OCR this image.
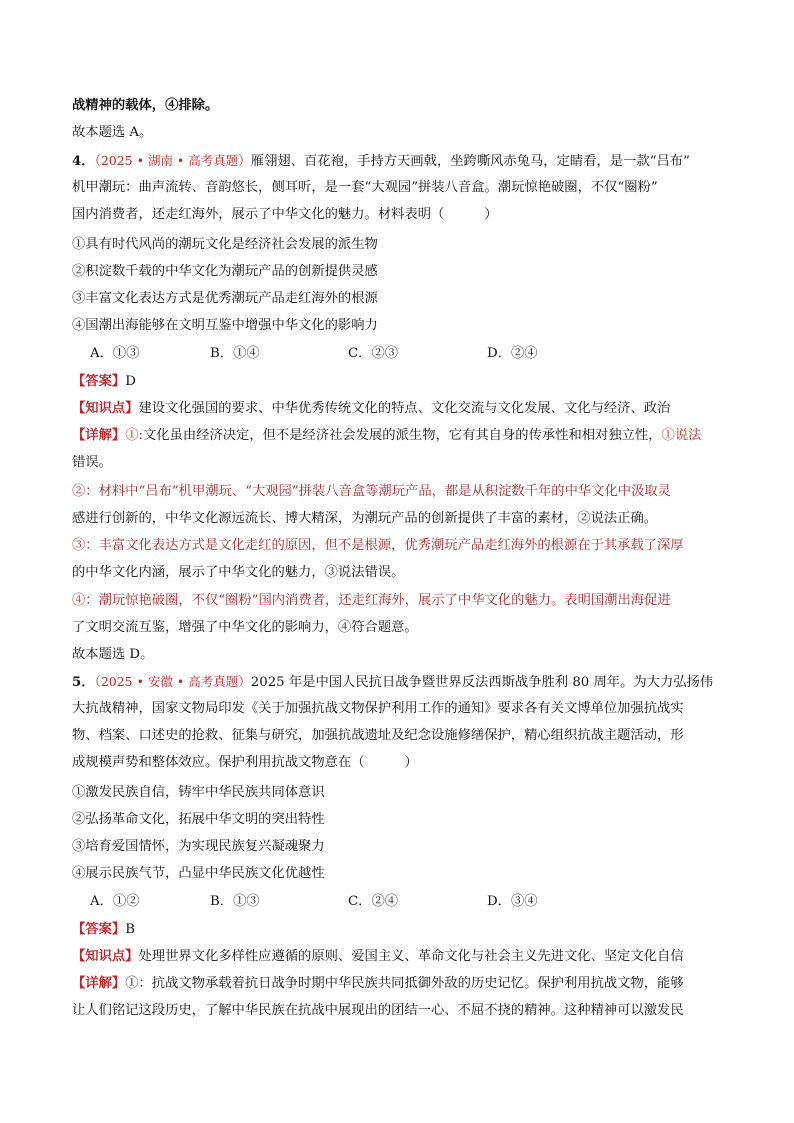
战精神的载体，④排除。
故本题选 A。
4．（2025 • 湖南 • 高考真题）雁翎翅、百花袍，手持方天画戟，坐跨嘶风赤兔马，定睛看，是一款“吕布”
机甲潮玩：曲声流转、音韵悠长，侧耳听，是一套“大观园”拼装八音盒。潮玩惊艳破圈，不仅“圈粉”
国内消费者，还走红海外，展示了中华文化的魅力。材料表明（　　　）
①具有时代风尚的潮玩文化是经济社会发展的派生物
②积淀数千载的中华文化为潮玩产品的创新提供灵感
③丰富文化表达方式是优秀潮玩产品走红海外的根源
④国潮出海能够在文明互鉴中增强中华文化的影响力
A．①③	B．①④	C．②③	D．②④
【答案】D
【知识点】建设文化强国的要求、中华优秀传统文化的特点、文化交流与文化发展、文化与经济、政治
【详解】①:文化虽由经济决定，但不是经济社会发展的派生物，它有其自身的传承性和相对独立性，①说法
错误。
②：材料中“吕布”机甲潮玩、“大观园”拼装八音盒等潮玩产品，都是从积淀数千年的中华文化中汲取灵
感进行创新的，中华文化源远流长、博大精深，为潮玩产品的创新提供了丰富的素材，②说法正确。
③：丰富文化表达方式是文化走红的原因，但不是根源，优秀潮玩产品走红海外的根源在于其承载了深厚
的中华文化内涵，展示了中华文化的魅力，③说法错误。
④：潮玩惊艳破圈，不仅“圈粉”国内消费者，还走红海外，展示了中华文化的魅力。表明国潮出海促进
了文明交流互鉴，增强了中华文化的影响力，④符合题意。
故本题选 D。
5．（2025 • 安徽 • 高考真题）2025 年是中国人民抗日战争暨世界反法西斯战争胜利 80 周年。为大力弘扬伟
大抗战精神，国家文物局印发《关于加强抗战文物保护利用工作的通知》要求各有关文博单位加强抗战实
物、档案、口述史的抢救、征集与研究，加强抗战遗址及纪念设施修缮保护，精心组织抗战主题活动，形
成规模声势和整体效应。保护利用抗战文物意在（　　　）
①激发民族自信，铸牢中华民族共同体意识
②弘扬革命文化，拓展中华文明的突出特性
③培育爱国情怀，为实现民族复兴凝魂聚力
④展示民族气节，凸显中华民族文化优越性
A．①②	B．①③	C．②④	D．③④
【答案】B
【知识点】处理世界文化多样性应遵循的原则、爱国主义、革命文化与社会主义先进文化、坚定文化自信
【详解】①：抗战文物承载着抗日战争时期中华民族共同抵御外敌的历史记忆。保护利用抗战文物，能够
让人们铭记这段历史，了解中华民族在抗战中展现出的团结一心、不屈不挠的精神。这种精神可以激发民
